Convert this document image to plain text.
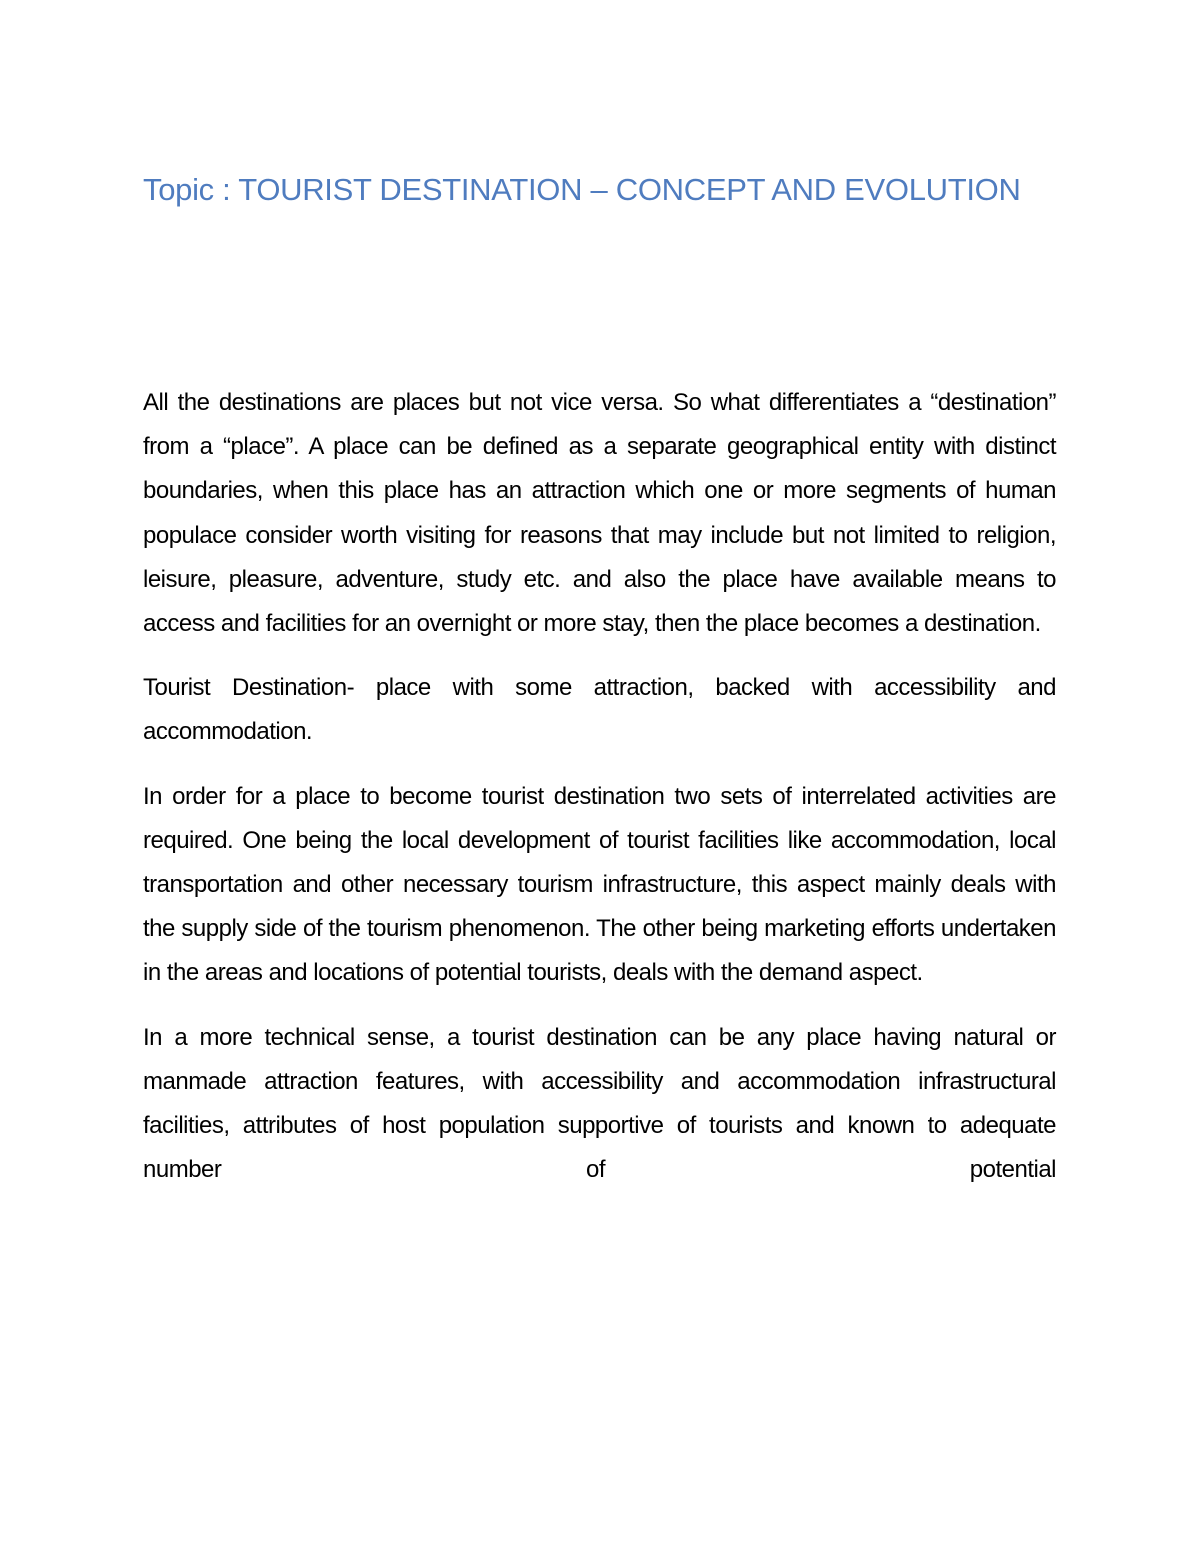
Topic : TOURIST DESTINATION – CONCEPT AND EVOLUTION

All the destinations are places but not vice versa. So what differentiates a “destination” from a “place”. A place can be defined as a separate geographical entity with distinct boundaries, when this place has an attraction which one or more segments of human populace consider worth visiting for reasons that may include but not limited to religion, leisure, pleasure, adventure, study etc. and also the place have available means to access and facilities for an overnight or more stay, then the place becomes a destination.

Tourist Destination- place with some attraction, backed with accessibility and accommodation.

In order for a place to become tourist destination two sets of interrelated activities are required. One being the local development of tourist facilities like accommodation, local transportation and other necessary tourism infrastructure, this aspect mainly deals with the supply side of the tourism phenomenon. The other being marketing efforts undertaken in the areas and locations of potential tourists, deals with the demand aspect.

In a more technical sense, a tourist destination can be any place having natural or manmade attraction features, with accessibility and accommodation infrastructural facilities, attributes of host population supportive of tourists and known to adequate number of potential
